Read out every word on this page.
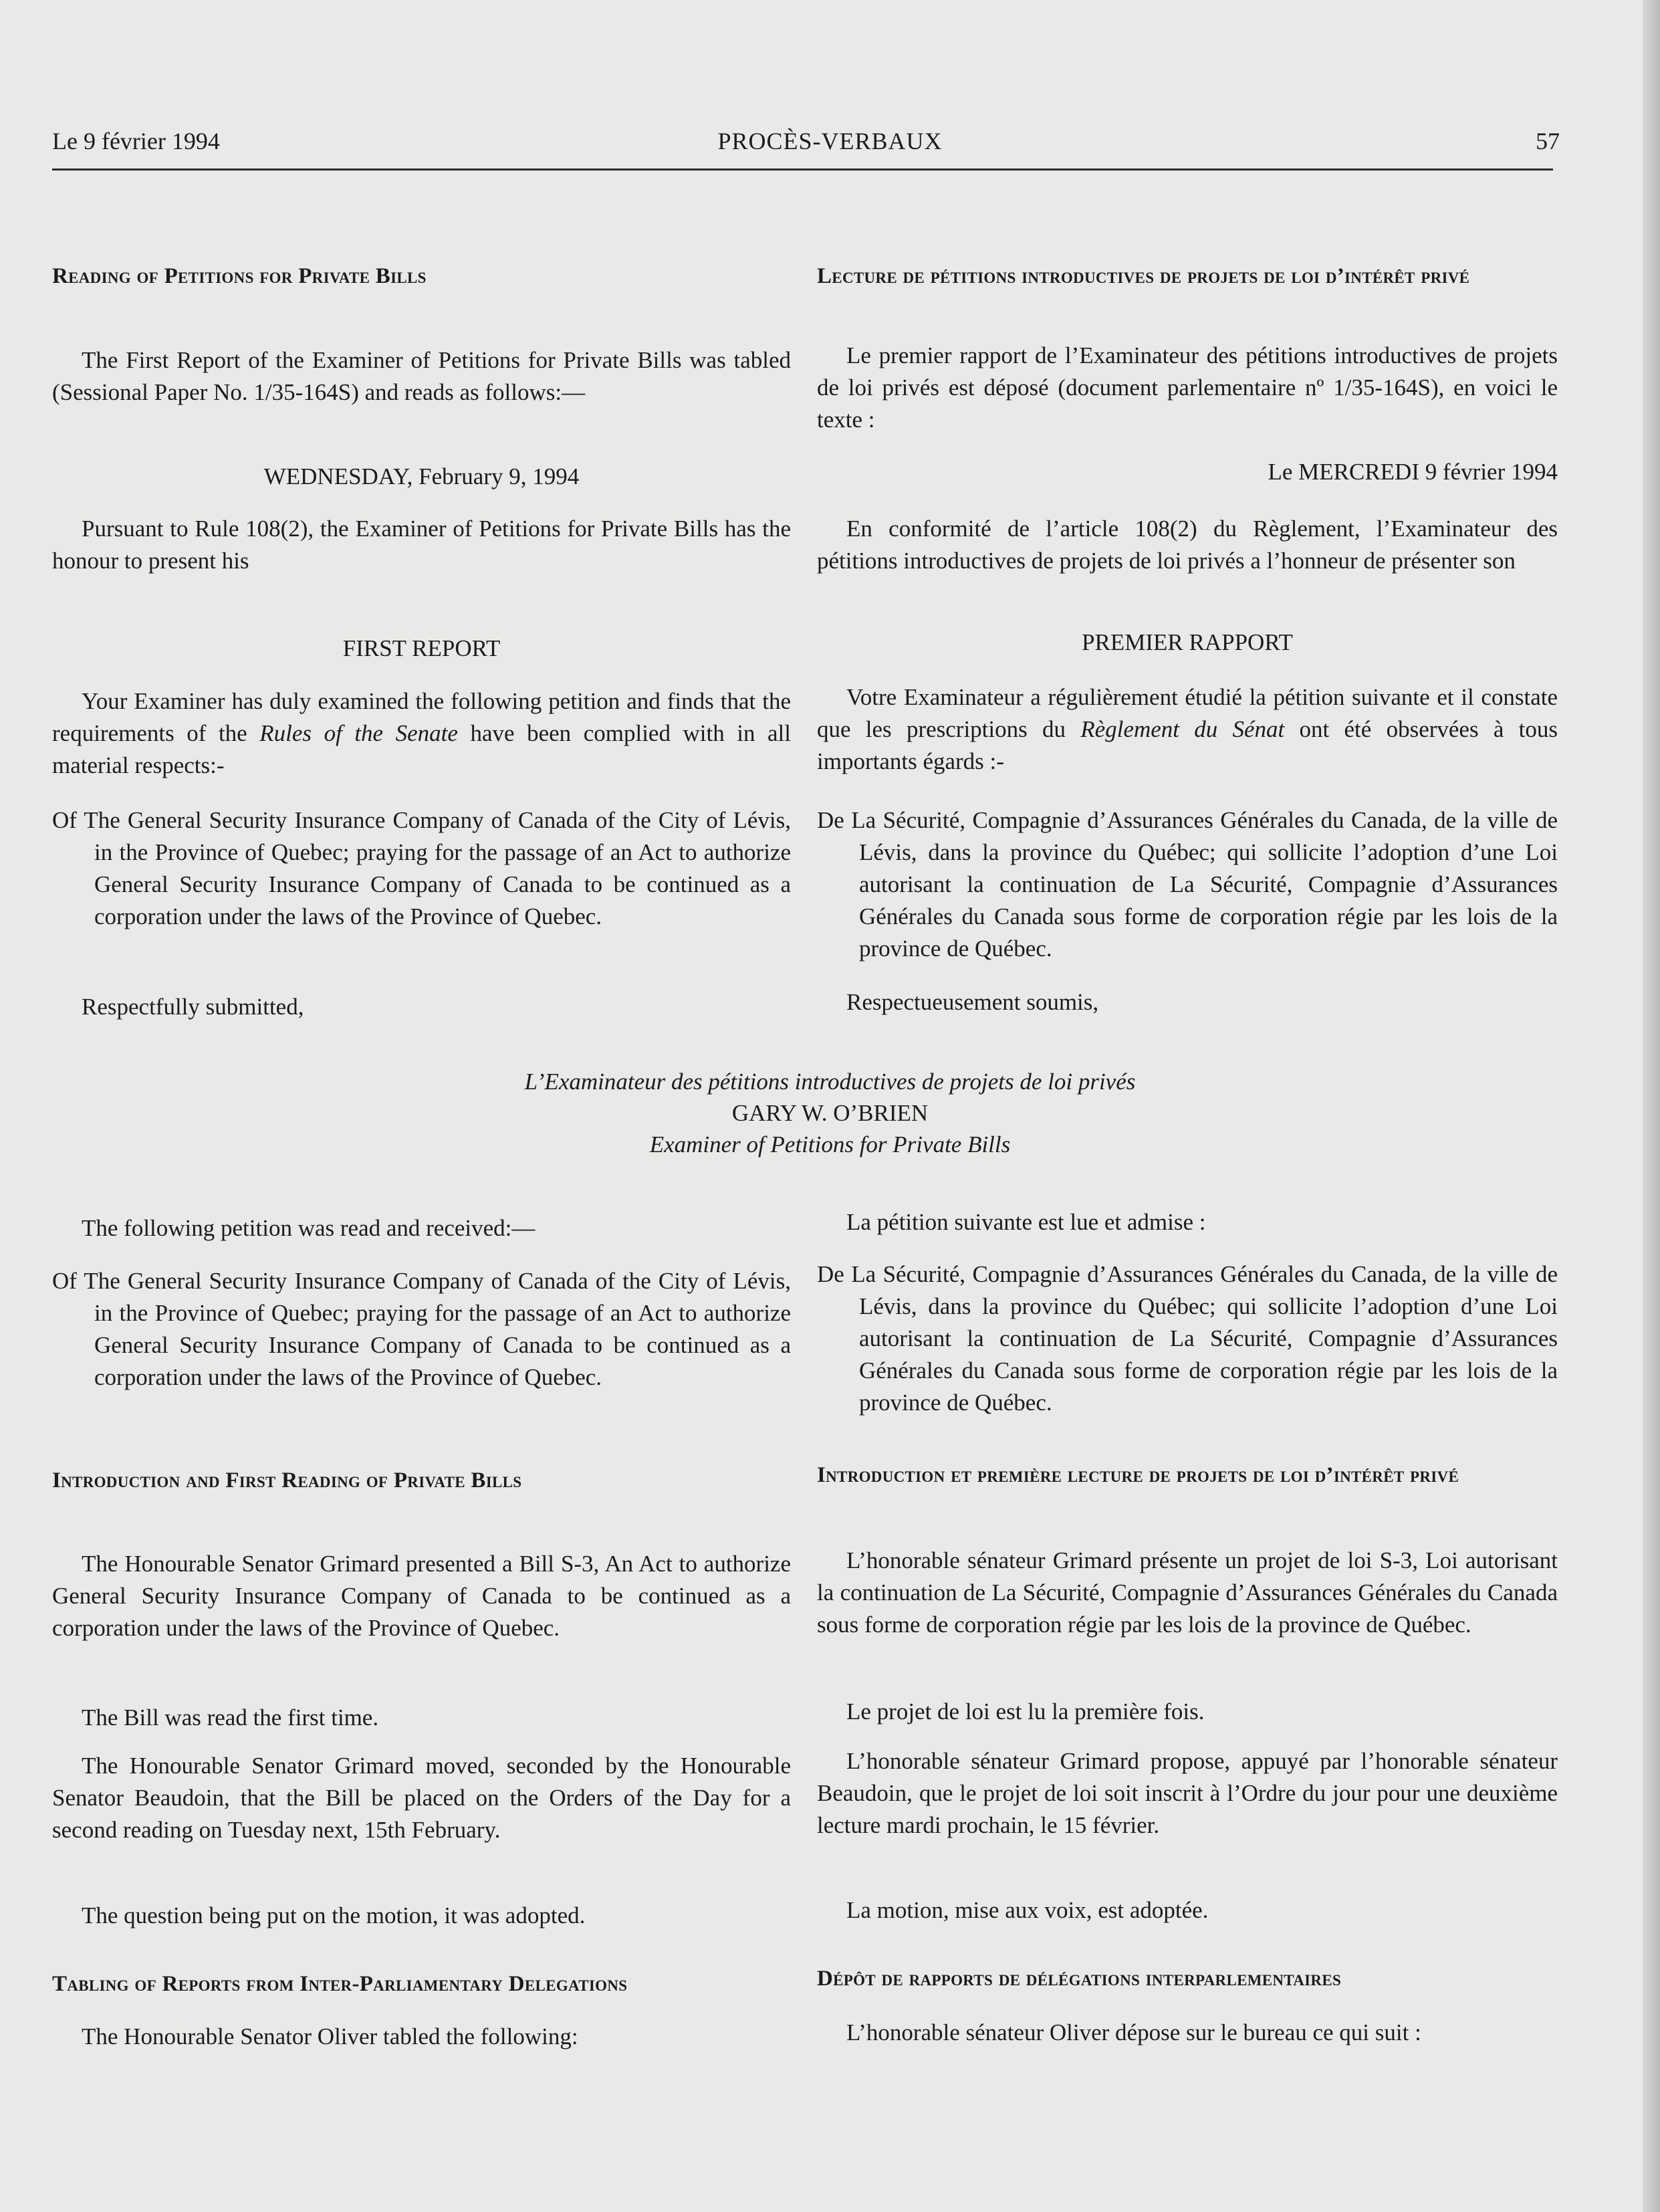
Le 9 février 1994	PROCÈS-VERBAUX	57

Reading of Petitions for Private Bills

The First Report of the Examiner of Petitions for Private Bills was tabled (Sessional Paper No. 1/35-164S) and reads as follows:—

WEDNESDAY, February 9, 1994

Pursuant to Rule 108(2), the Examiner of Petitions for Private Bills has the honour to present his

FIRST REPORT

Your Examiner has duly examined the following petition and finds that the requirements of the Rules of the Senate have been complied with in all material respects:-

Of The General Security Insurance Company of Canada of the City of Lévis, in the Province of Quebec; praying for the passage of an Act to authorize General Security Insurance Company of Canada to be continued as a corporation under the laws of the Province of Quebec.

Respectfully submitted,

The following petition was read and received:—

Of The General Security Insurance Company of Canada of the City of Lévis, in the Province of Quebec; praying for the passage of an Act to authorize General Security Insurance Company of Canada to be continued as a corporation under the laws of the Province of Quebec.

Introduction and First Reading of Private Bills

The Honourable Senator Grimard presented a Bill S-3, An Act to authorize General Security Insurance Company of Canada to be continued as a corporation under the laws of the Province of Quebec.

The Bill was read the first time.

The Honourable Senator Grimard moved, seconded by the Honourable Senator Beaudoin, that the Bill be placed on the Orders of the Day for a second reading on Tuesday next, 15th February.

The question being put on the motion, it was adopted.

Tabling of Reports from Inter-Parliamentary Delegations

The Honourable Senator Oliver tabled the following:

Lecture de pétitions introductives de projets de loi d’intérêt privé

Le premier rapport de l’Examinateur des pétitions introductives de projets de loi privés est déposé (document parlementaire nº 1/35-164S), en voici le texte :

Le MERCREDI 9 février 1994

En conformité de l’article 108(2) du Règlement, l’Examinateur des pétitions introductives de projets de loi privés a l’honneur de présenter son

PREMIER RAPPORT

Votre Examinateur a régulièrement étudié la pétition suivante et il constate que les prescriptions du Règlement du Sénat ont été observées à tous importants égards :-

De La Sécurité, Compagnie d’Assurances Générales du Canada, de la ville de Lévis, dans la province du Québec; qui sollicite l’adoption d’une Loi autorisant la continuation de La Sécurité, Compagnie d’Assurances Générales du Canada sous forme de corporation régie par les lois de la province de Québec.

Respectueusement soumis,

La pétition suivante est lue et admise :

De La Sécurité, Compagnie d’Assurances Générales du Canada, de la ville de Lévis, dans la province du Québec; qui sollicite l’adoption d’une Loi autorisant la continuation de La Sécurité, Compagnie d’Assurances Générales du Canada sous forme de corporation régie par les lois de la province de Québec.

Introduction et première lecture de projets de loi d’intérêt privé

L’honorable sénateur Grimard présente un projet de loi S-3, Loi autorisant la continuation de La Sécurité, Compagnie d’Assurances Générales du Canada sous forme de corporation régie par les lois de la province de Québec.

Le projet de loi est lu la première fois.

L’honorable sénateur Grimard propose, appuyé par l’honorable sénateur Beaudoin, que le projet de loi soit inscrit à l’Ordre du jour pour une deuxième lecture mardi prochain, le 15 février.

La motion, mise aux voix, est adoptée.

Dépôt de rapports de délégations interparlementaires

L’honorable sénateur Oliver dépose sur le bureau ce qui suit :

L’Examinateur des pétitions introductives de projets de loi privés
GARY W. O’BRIEN
Examiner of Petitions for Private Bills
